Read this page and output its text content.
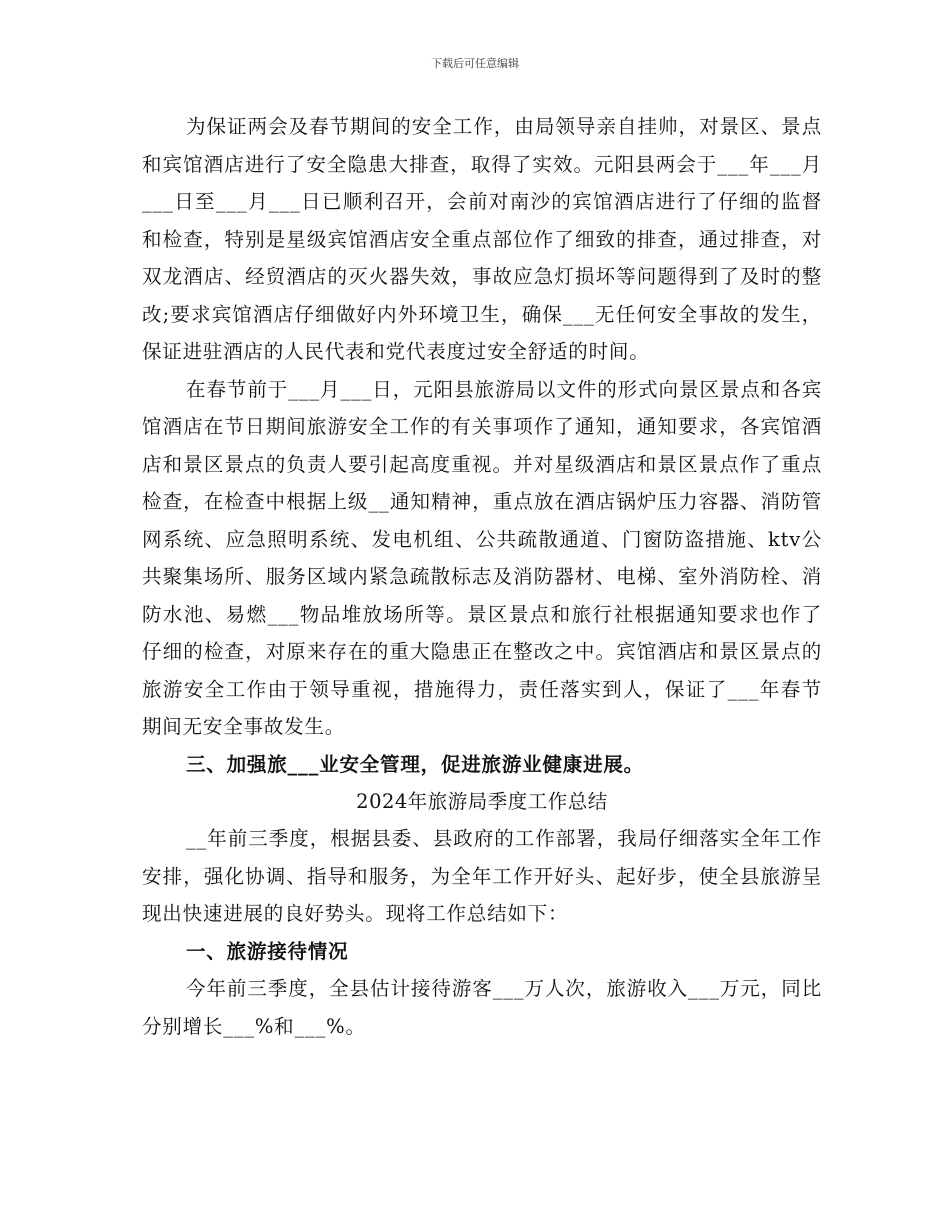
下载后可任意编辑

为保证两会及春节期间的安全工作，由局领导亲自挂帅，对景区、景点和宾馆酒店进行了安全隐患大排查，取得了实效。元阳县两会于___年___月___日至___月___日已顺利召开，会前对南沙的宾馆酒店进行了仔细的监督和检查，特别是星级宾馆酒店安全重点部位作了细致的排查，通过排查，对双龙酒店、经贸酒店的灭火器失效，事故应急灯损坏等问题得到了及时的整改;要求宾馆酒店仔细做好内外环境卫生，确保___无任何安全事故的发生，保证进驻酒店的人民代表和党代表度过安全舒适的时间。

在春节前于___月___日，元阳县旅游局以文件的形式向景区景点和各宾馆酒店在节日期间旅游安全工作的有关事项作了通知，通知要求，各宾馆酒店和景区景点的负责人要引起高度重视。并对星级酒店和景区景点作了重点检查，在检查中根据上级__通知精神，重点放在酒店锅炉压力容器、消防管网系统、应急照明系统、发电机组、公共疏散通道、门窗防盗措施、ktv公共聚集场所、服务区域内紧急疏散标志及消防器材、电梯、室外消防栓、消防水池、易燃___物品堆放场所等。景区景点和旅行社根据通知要求也作了仔细的检查，对原来存在的重大隐患正在整改之中。宾馆酒店和景区景点的旅游安全工作由于领导重视，措施得力，责任落实到人，保证了___年春节期间无安全事故发生。

三、加强旅___业安全管理，促进旅游业健康进展。

2024年旅游局季度工作总结

__年前三季度，根据县委、县政府的工作部署，我局仔细落实全年工作安排，强化协调、指导和服务，为全年工作开好头、起好步，使全县旅游呈现出快速进展的良好势头。现将工作总结如下：

一、旅游接待情况

今年前三季度，全县估计接待游客___万人次，旅游收入___万元，同比分别增长___%和___%。
